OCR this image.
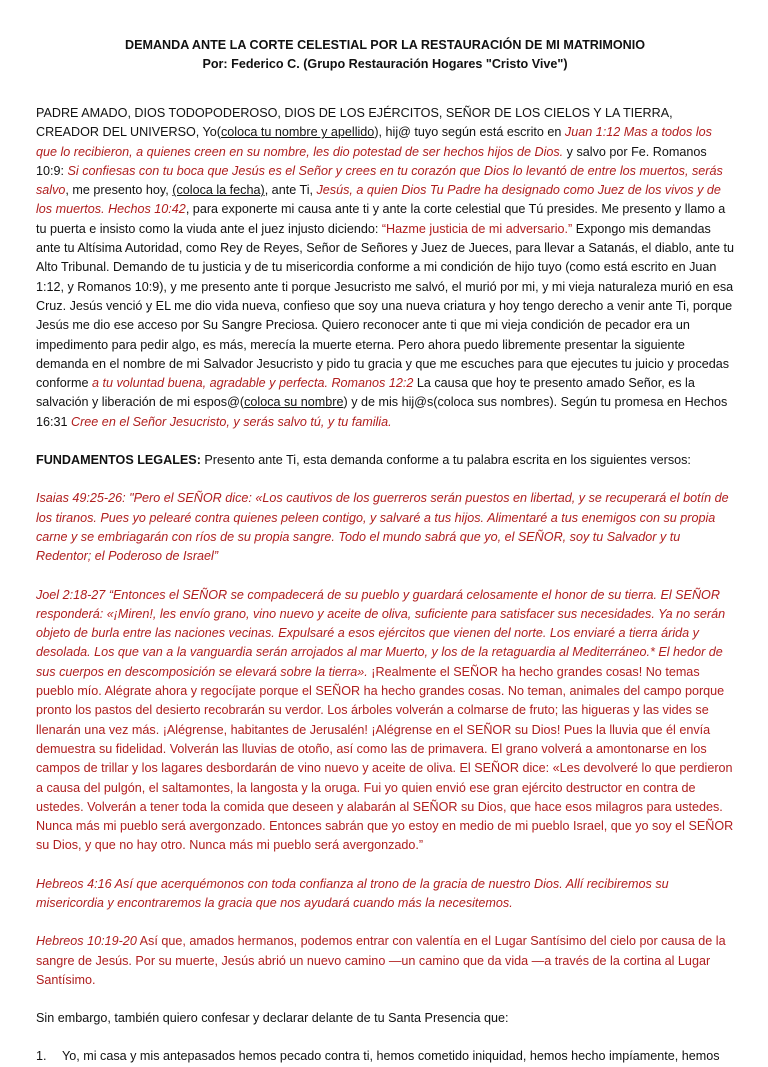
DEMANDA ANTE LA CORTE CELESTIAL POR LA RESTAURACIÓN DE MI MATRIMONIO

Por: Federico C. (Grupo Restauración Hogares "Cristo Vive")

PADRE AMADO, DIOS TODOPODEROSO, DIOS DE LOS EJÉRCITOS, SEÑOR DE LOS CIELOS Y LA TIERRA, CREADOR DEL UNIVERSO, Yo(coloca tu nombre y apellido), hij@ tuyo según está escrito en Juan 1:12 Mas a todos los que lo recibieron, a quienes creen en su nombre, les dio potestad de ser hechos hijos de Dios. y salvo por Fe. Romanos 10:9: Si confiesas con tu boca que Jesús es el Señor y crees en tu corazón que Dios lo levantó de entre los muertos, serás salvo, me presento hoy, (coloca la fecha), ante Ti, Jesús, a quien Dios Tu Padre ha designado como Juez de los vivos y de los muertos. Hechos 10:42, para exponerte mi causa ante ti y ante la corte celestial que Tú presides. Me presento y llamo a tu puerta e insisto como la viuda ante el juez injusto diciendo: “Hazme justicia de mi adversario.” Expongo mis demandas ante tu Altísima Autoridad, como Rey de Reyes, Señor de Señores y Juez de Jueces, para llevar a Satanás, el diablo, ante tu Alto Tribunal. Demando de tu justicia y de tu misericordia conforme a mi condición de hijo tuyo (como está escrito en Juan 1:12, y Romanos 10:9), y me presento ante ti porque Jesucristo me salvó, el murió por mi, y mi vieja naturaleza murió en esa Cruz. Jesús venció y EL me dio vida nueva, confieso que soy una nueva criatura y hoy tengo derecho a venir ante Ti, porque Jesús me dio ese acceso por Su Sangre Preciosa. Quiero reconocer ante ti que mi vieja condición de pecador era un impedimento para pedir algo, es más, merecía la muerte eterna. Pero ahora puedo libremente presentar la siguiente demanda en el nombre de mi Salvador Jesucristo y pido tu gracia y que me escuches para que ejecutes tu juicio y procedas conforme a tu voluntad buena, agradable y perfecta. Romanos 12:2 La causa que hoy te presento amado Señor, es la salvación y liberación de mi espos@(coloca su nombre) y de mis hij@s(coloca sus nombres). Según tu promesa en Hechos 16:31 Cree en el Señor Jesucristo, y serás salvo tú, y tu familia.

FUNDAMENTOS LEGALES: Presento ante Ti, esta demanda conforme a tu palabra escrita en los siguientes versos:

Isaias 49:25-26: "Pero el SEÑOR dice: «Los cautivos de los guerreros serán puestos en libertad, y se recuperará el botín de los tiranos. Pues yo pelearé contra quienes peleen contigo, y salvaré a tus hijos. Alimentaré a tus enemigos con su propia carne y se embriagarán con ríos de su propia sangre. Todo el mundo sabrá que yo, el SEÑOR, soy tu Salvador y tu Redentor; el Poderoso de Israel”

Joel 2:18-27 “Entonces el SEÑOR se compadecerá de su pueblo y guardará celosamente el honor de su tierra. El SEÑOR responderá: «¡Miren!, les envío grano, vino nuevo y aceite de oliva, suficiente para satisfacer sus necesidades. Ya no serán objeto de burla entre las naciones vecinas. Expulsaré a esos ejércitos que vienen del norte. Los enviaré a tierra árida y desolada. Los que van a la vanguardia serán arrojados al mar Muerto, y los de la retaguardia al Mediterráneo.* El hedor de sus cuerpos en descomposición se elevará sobre la tierra». ¡Realmente el SEÑOR ha hecho grandes cosas! No temas pueblo mío. Alégrate ahora y regocíjate porque el SEÑOR ha hecho grandes cosas. No teman, animales del campo porque pronto los pastos del desierto recobrarán su verdor. Los árboles volverán a colmarse de fruto; las higueras y las vides se llenarán una vez más. ¡Alégrense, habitantes de Jerusalén! ¡Alégrense en el SEÑOR su Dios! Pues la lluvia que él envía demuestra su fidelidad. Volverán las lluvias de otoño, así como las de primavera. El grano volverá a amontonarse en los campos de trillar y los lagares desbordarán de vino nuevo y aceite de oliva. El SEÑOR dice: «Les devolveré lo que perdieron a causa del pulgón, el saltamontes, la langosta y la oruga. Fui yo quien envió ese gran ejército destructor en contra de ustedes. Volverán a tener toda la comida que deseen y alabarán al SEÑOR su Dios, que hace esos milagros para ustedes. Nunca más mi pueblo será avergonzado. Entonces sabrán que yo estoy en medio de mi pueblo Israel, que yo soy el SEÑOR su Dios, y que no hay otro. Nunca más mi pueblo será avergonzado.”

Hebreos 4:16 Así que acerquémonos con toda confianza al trono de la gracia de nuestro Dios. Allí recibiremos su misericordia y encontraremos la gracia que nos ayudará cuando más la necesitemos.

Hebreos 10:19-20 Así que, amados hermanos, podemos entrar con valentía en el Lugar Santísimo del cielo por causa de la sangre de Jesús. Por su muerte, Jesús abrió un nuevo camino —un camino que da vida —a través de la cortina al Lugar Santísimo.

Sin embargo, también quiero confesar y declarar delante de tu Santa Presencia que:

1.	Yo, mi casa y mis antepasados hemos pecado contra ti, hemos cometido iniquidad, hemos hecho impíamente, hemos
